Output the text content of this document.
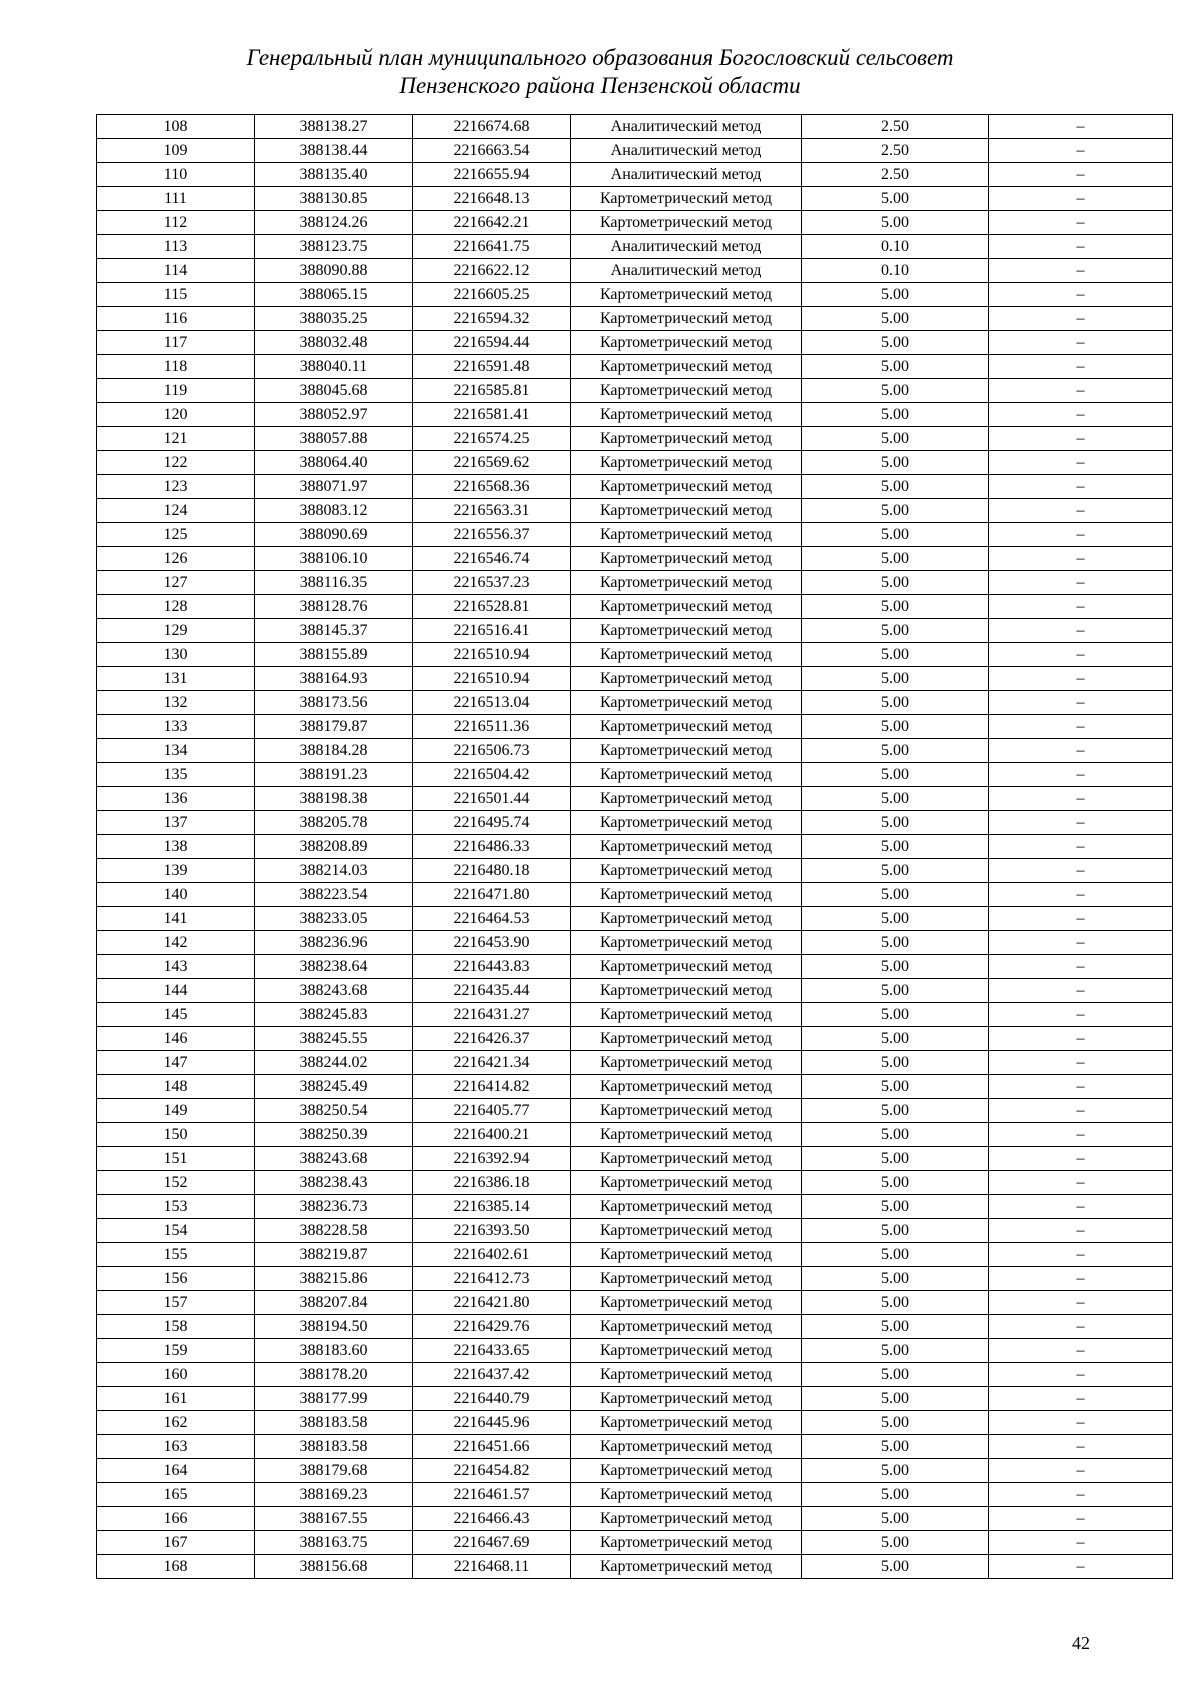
Генеральный план муниципального образования Богословский сельсовет
Пензенского района Пензенской области
108	388138.27	2216674.68	Аналитический метод	2.50	–
109	388138.44	2216663.54	Аналитический метод	2.50	–
110	388135.40	2216655.94	Аналитический метод	2.50	–
111	388130.85	2216648.13	Картометрический метод	5.00	–
112	388124.26	2216642.21	Картометрический метод	5.00	–
113	388123.75	2216641.75	Аналитический метод	0.10	–
114	388090.88	2216622.12	Аналитический метод	0.10	–
115	388065.15	2216605.25	Картометрический метод	5.00	–
116	388035.25	2216594.32	Картометрический метод	5.00	–
117	388032.48	2216594.44	Картометрический метод	5.00	–
118	388040.11	2216591.48	Картометрический метод	5.00	–
119	388045.68	2216585.81	Картометрический метод	5.00	–
120	388052.97	2216581.41	Картометрический метод	5.00	–
121	388057.88	2216574.25	Картометрический метод	5.00	–
122	388064.40	2216569.62	Картометрический метод	5.00	–
123	388071.97	2216568.36	Картометрический метод	5.00	–
124	388083.12	2216563.31	Картометрический метод	5.00	–
125	388090.69	2216556.37	Картометрический метод	5.00	–
126	388106.10	2216546.74	Картометрический метод	5.00	–
127	388116.35	2216537.23	Картометрический метод	5.00	–
128	388128.76	2216528.81	Картометрический метод	5.00	–
129	388145.37	2216516.41	Картометрический метод	5.00	–
130	388155.89	2216510.94	Картометрический метод	5.00	–
131	388164.93	2216510.94	Картометрический метод	5.00	–
132	388173.56	2216513.04	Картометрический метод	5.00	–
133	388179.87	2216511.36	Картометрический метод	5.00	–
134	388184.28	2216506.73	Картометрический метод	5.00	–
135	388191.23	2216504.42	Картометрический метод	5.00	–
136	388198.38	2216501.44	Картометрический метод	5.00	–
137	388205.78	2216495.74	Картометрический метод	5.00	–
138	388208.89	2216486.33	Картометрический метод	5.00	–
139	388214.03	2216480.18	Картометрический метод	5.00	–
140	388223.54	2216471.80	Картометрический метод	5.00	–
141	388233.05	2216464.53	Картометрический метод	5.00	–
142	388236.96	2216453.90	Картометрический метод	5.00	–
143	388238.64	2216443.83	Картометрический метод	5.00	–
144	388243.68	2216435.44	Картометрический метод	5.00	–
145	388245.83	2216431.27	Картометрический метод	5.00	–
146	388245.55	2216426.37	Картометрический метод	5.00	–
147	388244.02	2216421.34	Картометрический метод	5.00	–
148	388245.49	2216414.82	Картометрический метод	5.00	–
149	388250.54	2216405.77	Картометрический метод	5.00	–
150	388250.39	2216400.21	Картометрический метод	5.00	–
151	388243.68	2216392.94	Картометрический метод	5.00	–
152	388238.43	2216386.18	Картометрический метод	5.00	–
153	388236.73	2216385.14	Картометрический метод	5.00	–
154	388228.58	2216393.50	Картометрический метод	5.00	–
155	388219.87	2216402.61	Картометрический метод	5.00	–
156	388215.86	2216412.73	Картометрический метод	5.00	–
157	388207.84	2216421.80	Картометрический метод	5.00	–
158	388194.50	2216429.76	Картометрический метод	5.00	–
159	388183.60	2216433.65	Картометрический метод	5.00	–
160	388178.20	2216437.42	Картометрический метод	5.00	–
161	388177.99	2216440.79	Картометрический метод	5.00	–
162	388183.58	2216445.96	Картометрический метод	5.00	–
163	388183.58	2216451.66	Картометрический метод	5.00	–
164	388179.68	2216454.82	Картометрический метод	5.00	–
165	388169.23	2216461.57	Картометрический метод	5.00	–
166	388167.55	2216466.43	Картометрический метод	5.00	–
167	388163.75	2216467.69	Картометрический метод	5.00	–
168	388156.68	2216468.11	Картометрический метод	5.00	–
42
